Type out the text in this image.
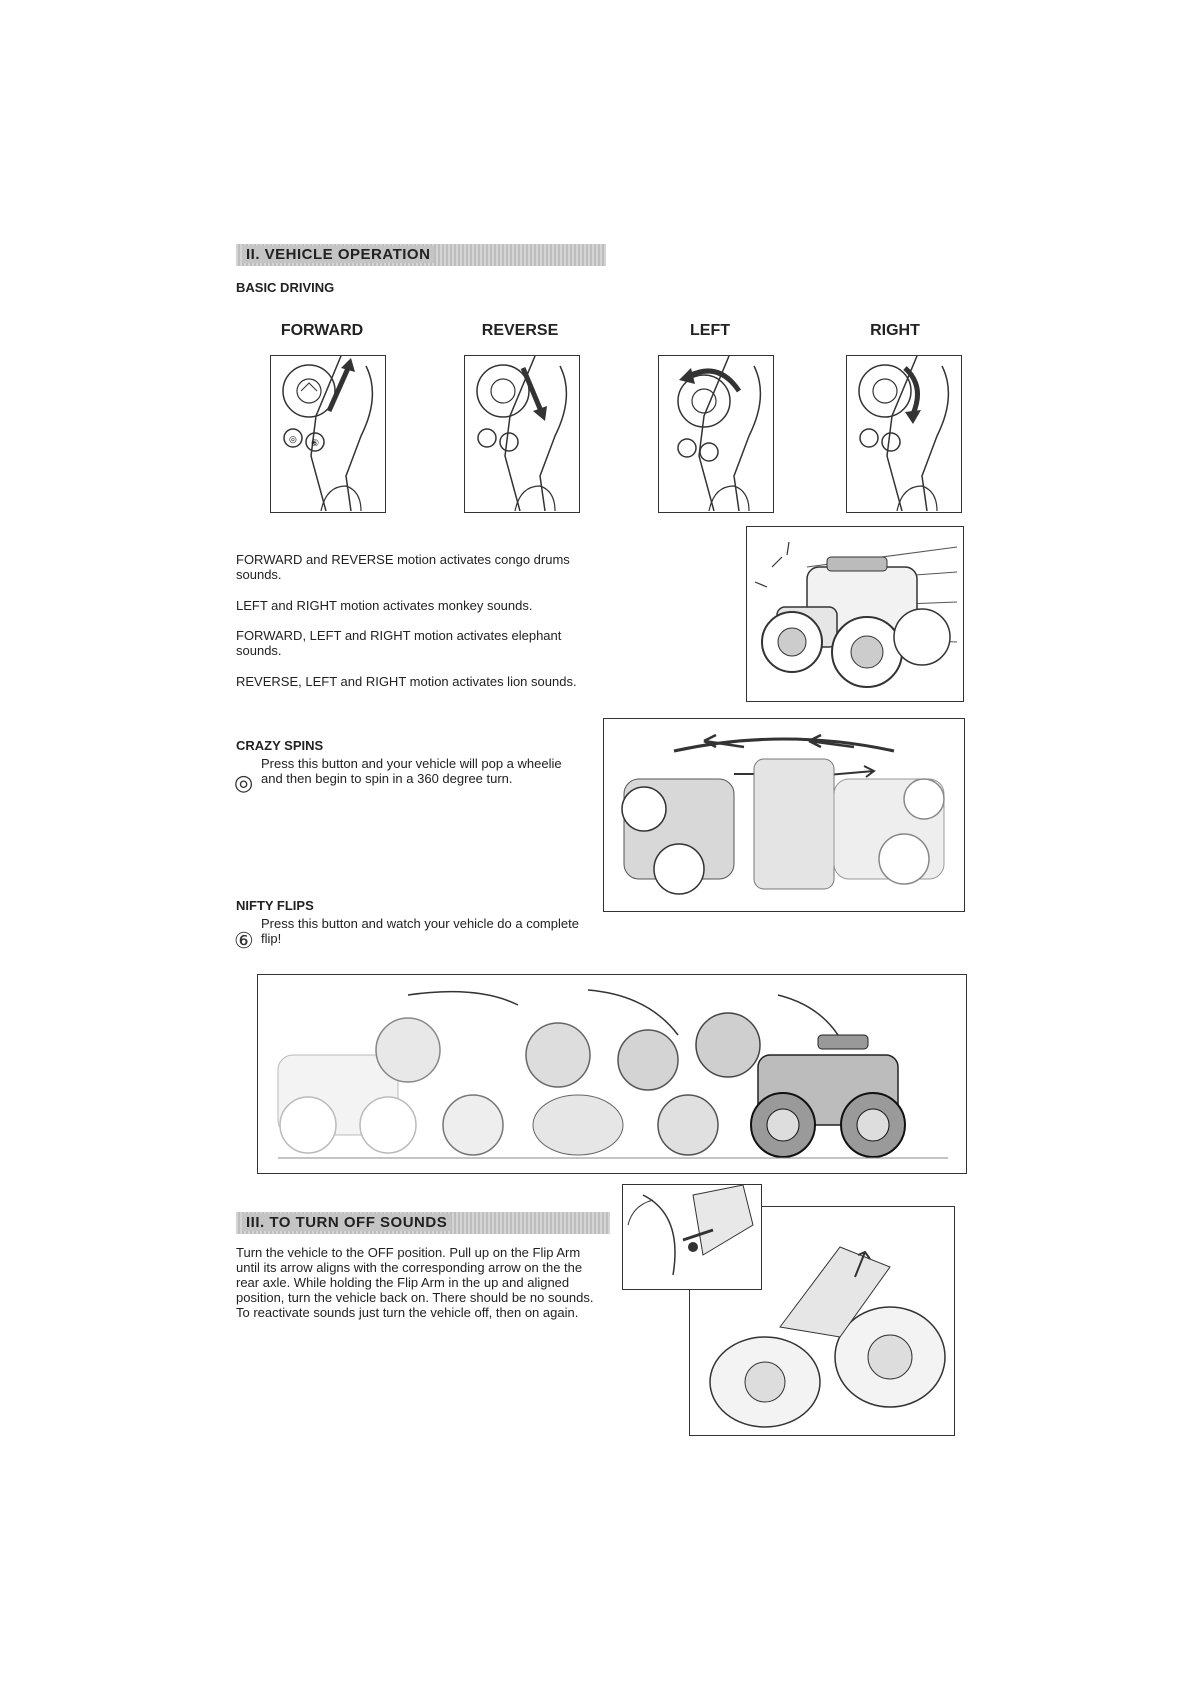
II. VEHICLE OPERATION
BASIC DRIVING
FORWARD	REVERSE	LEFT	RIGHT
◎ ⑥
FORWARD and REVERSE motion activates congo drums sounds.
LEFT and RIGHT motion activates monkey sounds.
FORWARD, LEFT and RIGHT motion activates elephant sounds.
REVERSE, LEFT and RIGHT motion activates lion sounds.
CRAZY SPINS
◎
Press this button and your vehicle will pop a wheelie and then begin to spin in a 360 degree turn.
NIFTY FLIPS
⑥
Press this button and watch your vehicle do a complete flip!
III. TO TURN OFF SOUNDS
Turn the vehicle to the OFF position. Pull up on the Flip Arm until its arrow aligns with the corresponding arrow on the the rear axle. While holding the Flip Arm in the up and aligned position, turn the vehicle back on. There should be no sounds. To reactivate sounds just turn the vehicle off, then on again.
